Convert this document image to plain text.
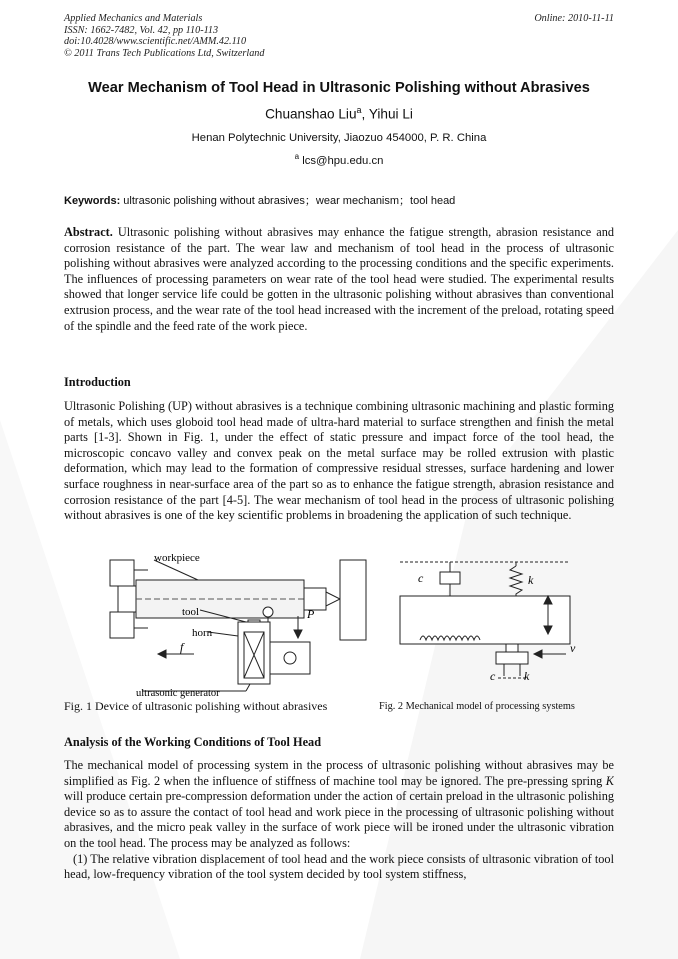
Applied Mechanics and Materials
ISSN: 1662-7482, Vol. 42, pp 110-113
doi:10.4028/www.scientific.net/AMM.42.110
© 2011 Trans Tech Publications Ltd, Switzerland
Online: 2010-11-11
Wear Mechanism of Tool Head in Ultrasonic Polishing without Abrasives
Chuanshao Liu$^a$, Yihui Li
Henan Polytechnic University, Jiaozuo 454000, P. R. China
$^a$ lcs@hpu.edu.cn
Keywords: ultrasonic polishing without abrasives；wear mechanism；tool head

Abstract. Ultrasonic polishing without abrasives may enhance the fatigue strength, abrasion resistance and corrosion resistance of the part. The wear law and mechanism of tool head in the process of ultrasonic polishing without abrasives were analyzed according to the processing conditions and the specific experiments. The influences of processing parameters on wear rate of the tool head were studied. The experimental results showed that longer service life could be gotten in the ultrasonic polishing without abrasives than conventional extrusion process, and the wear rate of the tool head increased with the increment of the preload, rotating speed of the spindle and the feed rate of the work piece.

Introduction

Ultrasonic Polishing (UP) without abrasives is a technique combining ultrasonic machining and plastic forming of metals, which uses globoid tool head made of ultra-hard material to surface strengthen and finish the metal parts [1-3]. Shown in Fig. 1, under the effect of static pressure and impact force of the tool head, the microscopic concavo valley and convex peak on the metal surface may be rolled extrusion with plastic deformation, which may lead to the formation of compressive residual stresses, surface hardening and lower surface roughness in near-surface area of the part so as to enhance the fatigue strength, abrasion resistance and corrosion resistance of the part [4-5]. The wear mechanism of tool head in the process of ultrasonic polishing without abrasives is one of the key scientific problems in broadening the application of such technique.

workpiece
tool
horn
ultrasonic generator
P
f
c	k
v
c k
Fig. 1 Device of ultrasonic polishing without abrasives	Fig. 2 Mechanical model of processing systems
Analysis of the Working Conditions of Tool Head
The mechanical model of processing system in the process of ultrasonic polishing without abrasives may be simplified as Fig. 2 when the influence of stiffness of machine tool may be ignored. The pre-pressing spring K will produce certain pre-compression deformation under the action of certain preload in the ultrasonic polishing device so as to assure the contact of tool head and work piece in the processing of ultrasonic polishing without abrasives, and the micro peak valley in the surface of work piece will be ironed under the ultrasonic vibration on the tool head. The process may be analyzed as follows:
(1) The relative vibration displacement of tool head and the work piece consists of ultrasonic vibration of tool head, low-frequency vibration of the tool system decided by tool system stiffness,
